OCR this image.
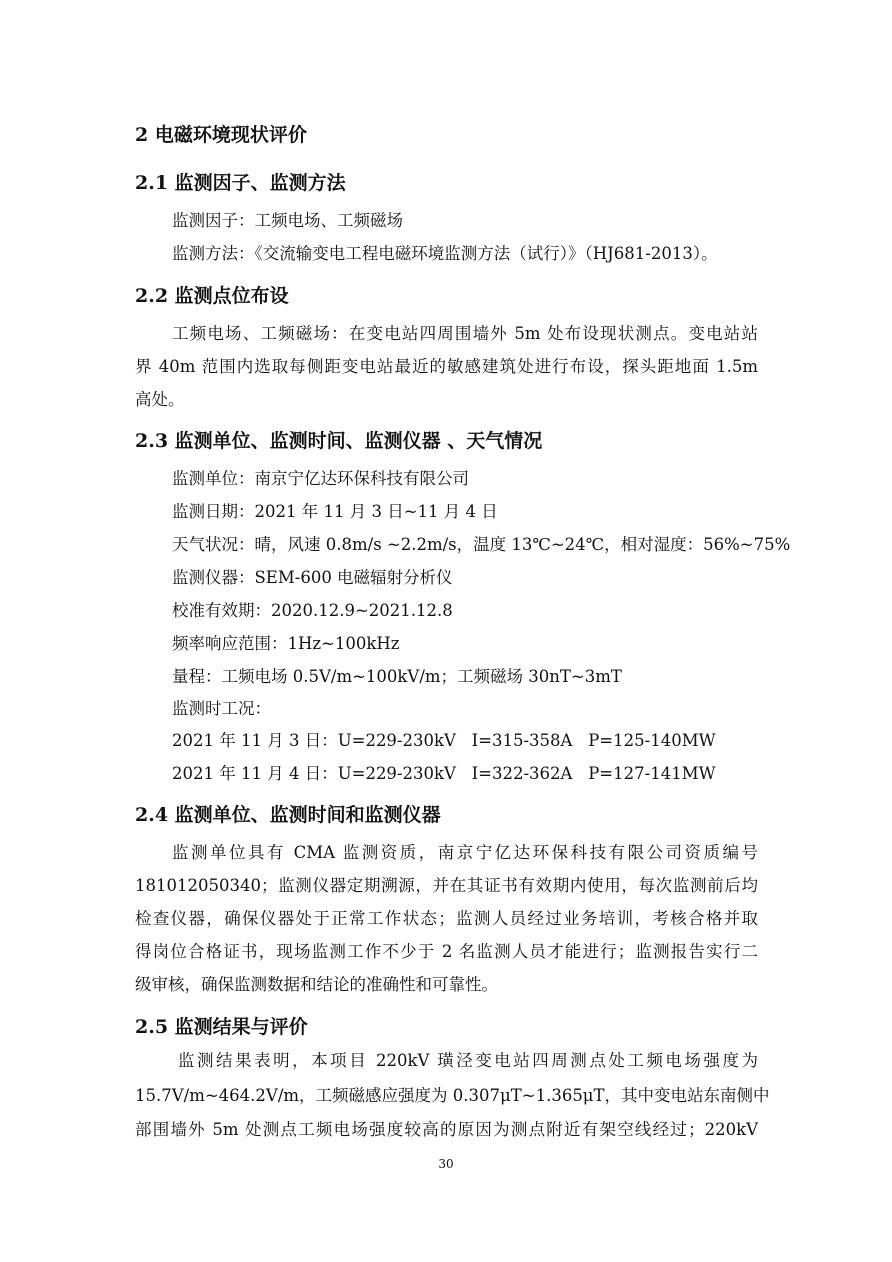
2 电磁环境现状评价
2.1 监测因子、监测方法
监测因子：工频电场、工频磁场
监测方法：《交流输变电工程电磁环境监测方法（试行）》（HJ681-2013）。
2.2 监测点位布设
工频电场、工频磁场：在变电站四周围墙外 5m 处布设现状测点。变电站站
界 40m 范围内选取每侧距变电站最近的敏感建筑处进行布设，探头距地面 1.5m
高处。
2.3 监测单位、监测时间、监测仪器 、天气情况
监测单位：南京宁亿达环保科技有限公司
监测日期：2021 年 11 月 3 日~11 月 4 日
天气状况：晴，风速 0.8m/s ~2.2m/s，温度 13℃~24℃，相对湿度：56%~75%
监测仪器：SEM-600 电磁辐射分析仪
校准有效期：2020.12.9~2021.12.8
频率响应范围：1Hz~100kHz
量程：工频电场 0.5V/m~100kV/m；工频磁场 30nT~3mT
监测时工况：
2021 年 11 月 3 日：U=229-230kV   I=315-358A   P=125-140MW
2021 年 11 月 4 日：U=229-230kV   I=322-362A   P=127-141MW
2.4 监测单位、监测时间和监测仪器
监测单位具有 CMA 监测资质，南京宁亿达环保科技有限公司资质编号
181012050340；监测仪器定期溯源，并在其证书有效期内使用，每次监测前后均
检查仪器，确保仪器处于正常工作状态；监测人员经过业务培训，考核合格并取
得岗位合格证书，现场监测工作不少于 2 名监测人员才能进行；监测报告实行二
级审核，确保监测数据和结论的准确性和可靠性。
2.5 监测结果与评价
监测结果表明，本项目 220kV 璜泾变电站四周测点处工频电场强度为
15.7V/m~464.2V/m，工频磁感应强度为 0.307μT~1.365μT，其中变电站东南侧中
部围墙外 5m 处测点工频电场强度较高的原因为测点附近有架空线经过；220kV
30
